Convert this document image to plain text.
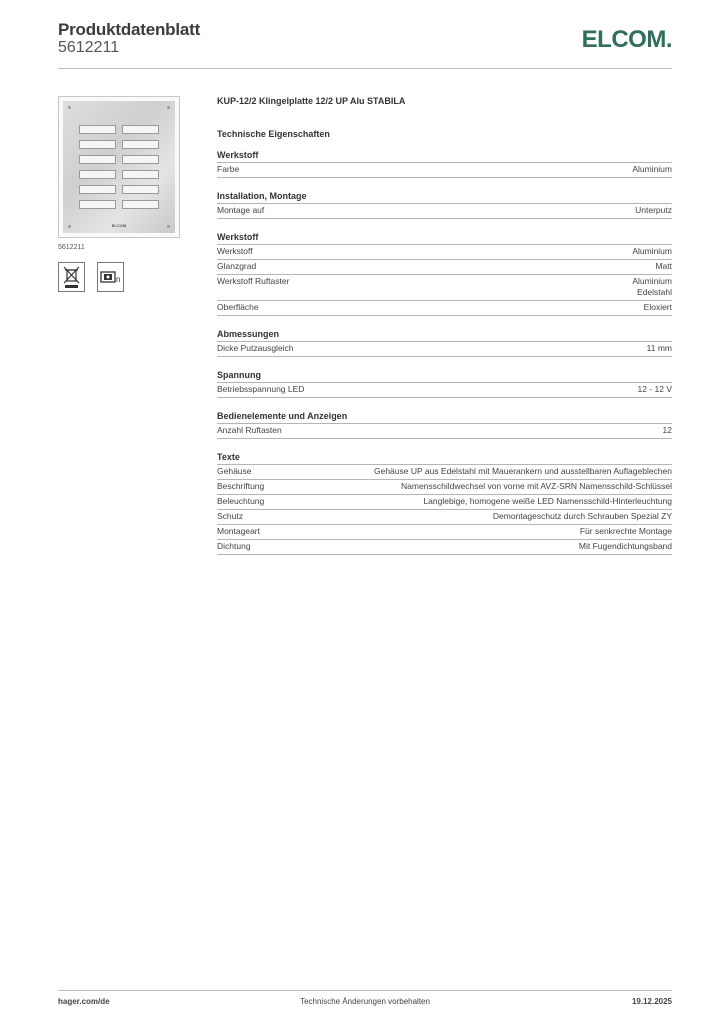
Produktdatenblatt
5612211	ELCOM.
ELCOM
5612211
n
KUP-12/2 Klingelplatte 12/2 UP Alu STABILA
Technische Eigenschaften
Werkstoff
Farbe	Aluminium
Installation, Montage
Montage auf	Unterputz
Werkstoff
Werkstoff	Aluminium
Glanzgrad	Matt
Werkstoff Ruftaster	Aluminium
Edelstahl
Oberfläche	Eloxiert
Abmessungen
Dicke Putzausgleich	11 mm
Spannung
Betriebsspannung LED	12 - 12 V
Bedienelemente und Anzeigen
Anzahl Ruftasten	12
Texte
Gehäuse	Gehäuse UP aus Edelstahl mit Mauerankern und ausstellbaren Auflageblechen
Beschriftung	Namensschildwechsel von vorne mit AVZ-SRN Namensschild-Schlüssel
Beleuchtung	Langlebige, homogene weiße LED Namensschild-Hinterleuchtung
Schutz	Demontageschutz durch Schrauben Spezial ZY
Montageart	Für senkrechte Montage
Dichtung	Mit Fugendichtungsband
hager.com/de	Technische Änderungen vorbehalten	19.12.2025
